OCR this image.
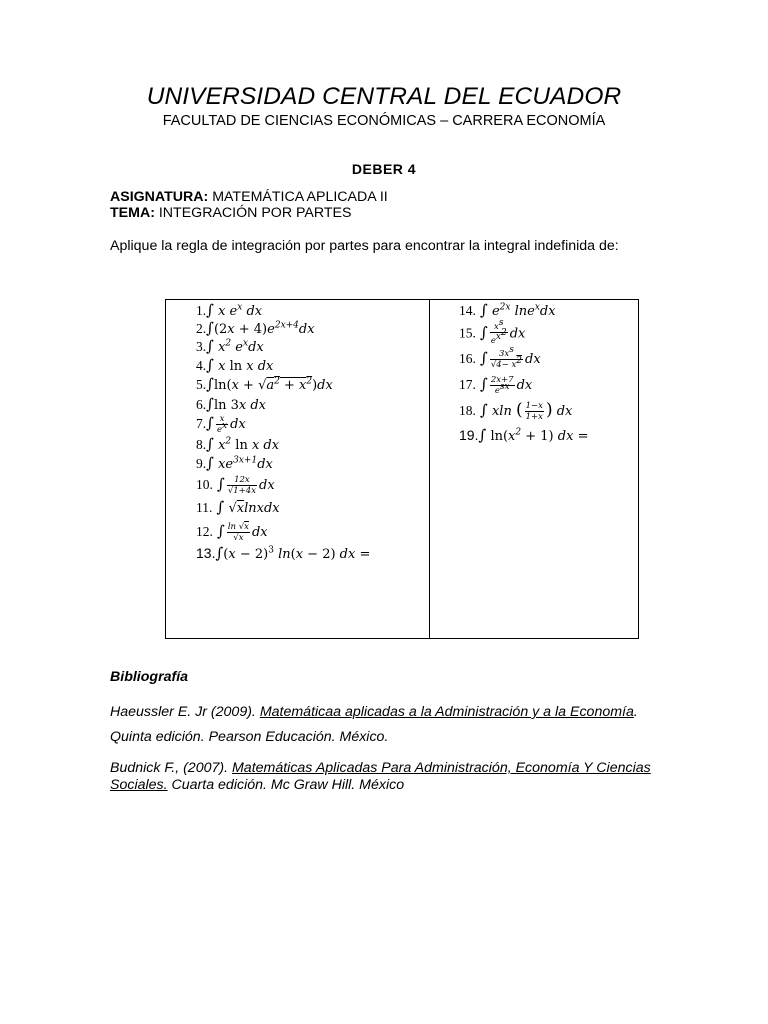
UNIVERSIDAD CENTRAL DEL ECUADOR
FACULTAD DE CIENCIAS ECONÓMICAS – CARRERA ECONOMÍA
DEBER 4
ASIGNATURA: MATEMÁTICA APLICADA II
TEMA: INTEGRACIÓN POR PARTES
Aplique la regla de integración por partes para encontrar la integral indefinida de:
1.∫ x $e^x$ dx
$2.\int(2x + 4)e^{2x+4}dx$
3.∫ $x^2$ $e^xdx$
4.∫ x ln x dx
$5.\int\ln(x + √a^2 + x^2)dx$
6.∫ln 3x dx
$7.\int \frac{x}{e^x}$ dx
8.∫ $x^2$ ln x dx
9.∫ $xe^{3x+1}dx$
10. ∫ $\frac{12x}{√1+4x}$ dx
11. ∫ √xlnxdx
12. ∫ $\frac{\ln √x}{√x}$ dx
$13.\int(x - 2)^3$ ln(x − 2) dx =
14. ∫ $e^{2x}$ lne$^x$dx
15. ∫ $\frac{x^s}{e^{x^2}}$ dx
16. ∫ $\frac{3x^s}{√4- x^2}$ dx
17. ∫ $\frac{2x+7}{e^{sx}}$ dx
18. ∫ xln ( $\frac{1-x}{1+x}$ ) dx
19.∫ $\ln(x^2 + 1)$ dx =
Bibliografía
Haeussler E. Jr (2009). Matemáticaa aplicadas a la Administración y a la Economía. Quinta edición. Pearson Educación. México.
Budnick F., (2007). Matemáticas Aplicadas Para Administración, Economía Y Ciencias Sociales. Cuarta edición. Mc Graw Hill. México
